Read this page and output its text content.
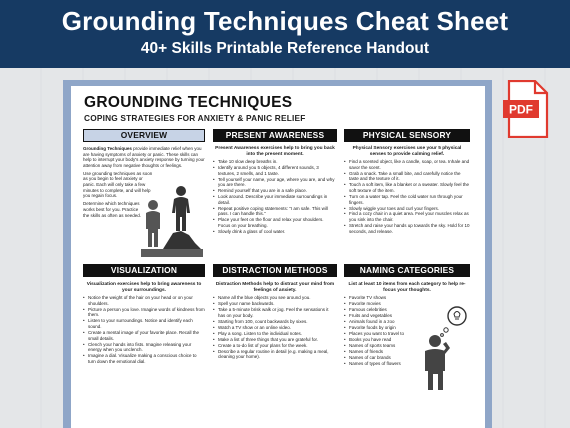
Grounding Techniques Cheat Sheet
40+ Skills Printable Reference Handout
PDF
GROUNDING TECHNIQUES
COPING STRATEGIES FOR ANXIETY & PANIC RELIEF
OVERVIEW	PRESENT AWARENESS	PHYSICAL SENSORY

Grounding Techniques provide immediate relief when you are having symptoms of anxiety or panic. These skills can help to interrupt your body's anxiety response by turning your attention away from negative thoughts or feelings.

Use grounding techniques as soon as you begin to feel anxiety or panic. Each will only take a few minutes to complete, and will help you regain focus.

Determine which techniques works best for you. Practice the skills as often as needed.

Present Awareness exercises help to bring you back into the present moment.
• Take 10 slow deep breaths in.
• Identify around you 5 objects, 4 different sounds, 3 textures, 2 smells, and 1 taste.
• Tell yourself your name, your age, where you are, and why you are there.
• Remind yourself that you are in a safe place.
• Look around. Describe your immediate surroundings in detail.
• Repeat positive coping statements: "I am safe. This will pass. I can handle this."
• Place your feet on the floor and relax your shoulders. Focus on your breathing.
• Slowly drink a glass of cool water.
Physical Sensory exercises use your 5 physical senses to provide calming relief.
• Find a scented object, like a candle, soap, or tea. Inhale and savor the scent.
• Grab a snack. Take a small bite, and carefully notice the taste and the texture of it.
• Touch a soft item, like a blanket or a sweater. Slowly feel the soft texture of the item.
• Turn on a water tap. Feel the cold water run through your fingers.
• Slowly wiggle your toes and curl your fingers.
• Find a cozy chair in a quiet area. Feel your muscles relax as you sink into the chair.
• Stretch and raise your hands up towards the sky. Hold for 10 seconds, and release.
VISUALIZATION	DISTRACTION METHODS	NAMING CATEGORIES
Visualization exercises help to bring awareness to your surroundings.
• Notice the weight of the hair on your head or on your shoulders.
• Picture a person you love. Imagine words of kindness from them.
• Listen to your surroundings. Notice and identify each sound.
• Create a mental image of your favorite place. Recall the small details.
• Clench your hands into fists. Imagine releasing your energy when you unclench.
• Imagine a dial. Visualize making a conscious choice to turn down the emotional dial.
Distraction Methods help to distract your mind from feelings of anxiety.
• Name all the blue objects you see around you.
• Spell your name backwards.
• Take a 5-minute brisk walk or jog. Feel the sensations it has on your body.
• Starting from 100, count backwards by sixes.
• Watch a TV show or an online video.
• Play a song. Listen to the individual notes.
• Make a list of three things that you are grateful for.
• Create a to-do list of your plans for the week.
• Describe a regular routine in detail (e.g. making a meal, cleaning your home).
List at least 10 items from each category to help re-focus your thoughts.
• Favorite TV shows
• Favorite movies
• Famous celebrities
• Fruits and vegetables
• Animals found in a zoo
• Favorite foods by origin
• Places you want to travel to
• Books you have read
• Names of sports teams
• Names of friends
• Names of car brands
• Names of types of flowers
